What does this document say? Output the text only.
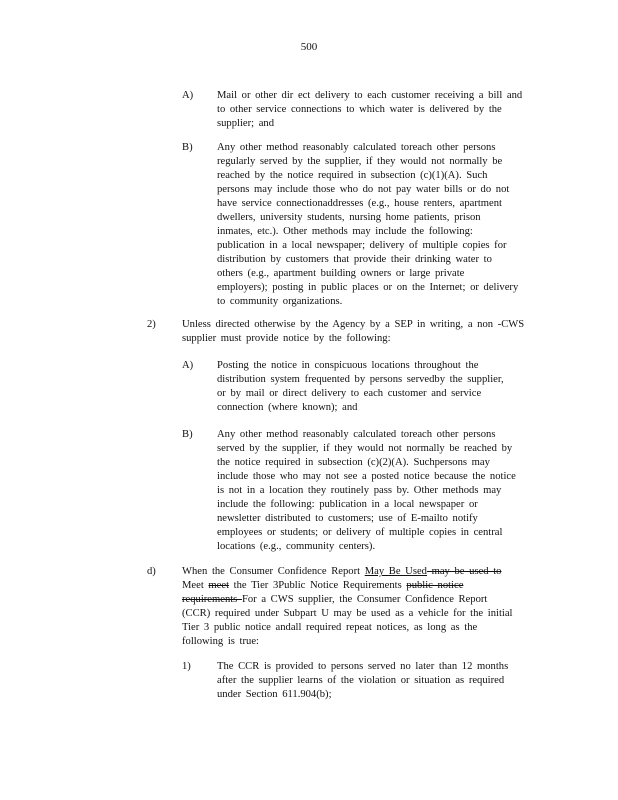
500
A) Mail or other dir ect delivery to each customer receiving a bill and
to other service connections to which water is delivered by the
supplier; and
B) Any other method reasonably calculated toreach other persons
regularly served by the supplier, if they would not normally be
reached by the notice required in subsection (c)(1)(A). Such
persons may include those who do not pay water bills or do not
have service connectionaddresses (e.g., house renters, apartment
dwellers, university students, nursing home patients, prison
inmates, etc.). Other methods may include the following:
publication in a local newspaper; delivery of multiple copies for
distribution by customers that provide their drinking water to
others (e.g., apartment building owners or large private
employers); posting in public places or on the Internet; or delivery
to community organizations.
2) Unless directed otherwise by the Agency by a SEP in writing, a non -CWS
supplier must provide notice by the following:
A) Posting the notice in conspicuous locations throughout the
distribution system frequented by persons servedby the supplier,
or by mail or direct delivery to each customer and service
connection (where known); and
B) Any other method reasonably calculated toreach other persons
served by the supplier, if they would not normally be reached by
the notice required in subsection (c)(2)(A). Suchpersons may
include those who may not see a posted notice because the notice
is not in a location they routinely pass by. Other methods may
include the following: publication in a local newspaper or
newsletter distributed to customers; use of E-mailto notify
employees or students; or delivery of multiple copies in central
locations (e.g., community centers).
d) When the Consumer Confidence Report May Be Used may be used to
Meet meet the Tier 3Public Notice Requirements public notice
requirements For a CWS supplier, the Consumer Confidence Report
(CCR) required under Subpart U may be used as a vehicle for the initial
Tier 3 public notice andall required repeat notices, as long as the
following is true:
1) The CCR is provided to persons served no later than 12 months
after the supplier learns of the violation or situation as required
under Section 611.904(b);
